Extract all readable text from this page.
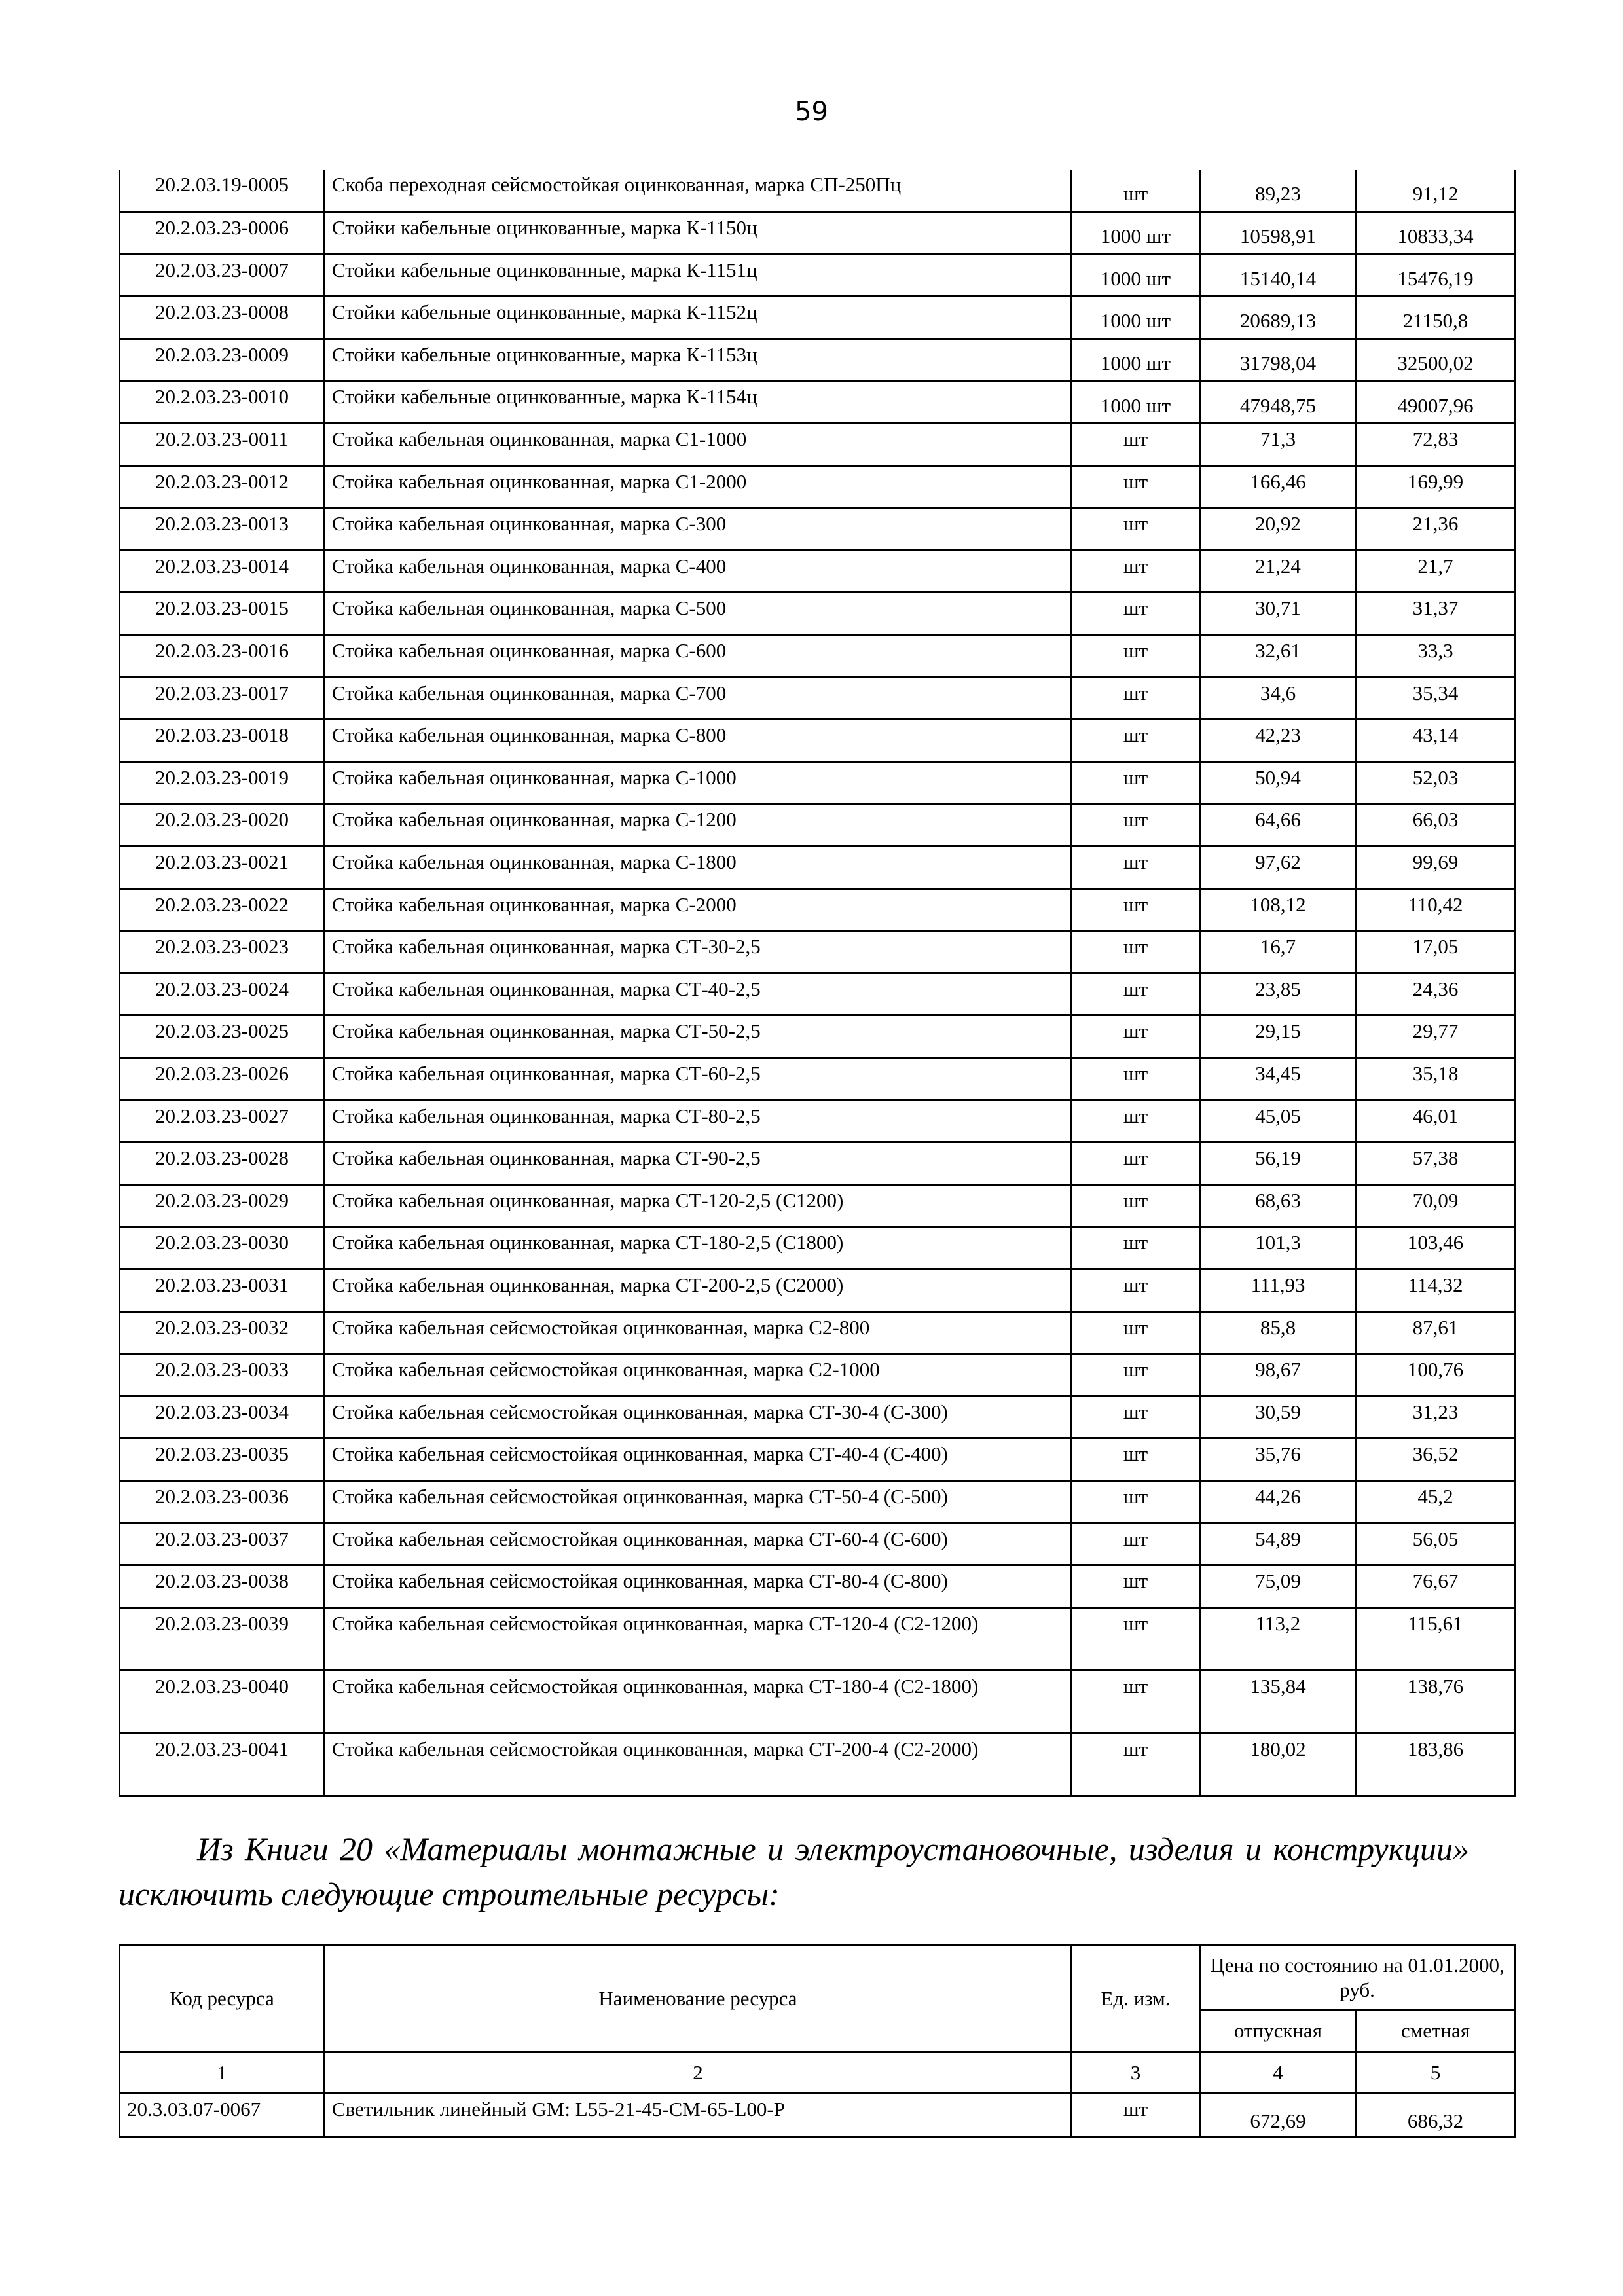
59
20.2.03.19-0005	Скоба переходная сейсмостойкая оцинкованная, марка СП-250Пц	шт	89,23	91,12
20.2.03.23-0006	Стойки кабельные оцинкованные, марка К-1150ц	1000 шт	10598,91	10833,34
20.2.03.23-0007	Стойки кабельные оцинкованные, марка К-1151ц	1000 шт	15140,14	15476,19
20.2.03.23-0008	Стойки кабельные оцинкованные, марка К-1152ц	1000 шт	20689,13	21150,8
20.2.03.23-0009	Стойки кабельные оцинкованные, марка К-1153ц	1000 шт	31798,04	32500,02
20.2.03.23-0010	Стойки кабельные оцинкованные, марка К-1154ц	1000 шт	47948,75	49007,96
20.2.03.23-0011	Стойка кабельная оцинкованная, марка С1-1000	шт	71,3	72,83
20.2.03.23-0012	Стойка кабельная оцинкованная, марка С1-2000	шт	166,46	169,99
20.2.03.23-0013	Стойка кабельная оцинкованная, марка С-300	шт	20,92	21,36
20.2.03.23-0014	Стойка кабельная оцинкованная, марка С-400	шт	21,24	21,7
20.2.03.23-0015	Стойка кабельная оцинкованная, марка С-500	шт	30,71	31,37
20.2.03.23-0016	Стойка кабельная оцинкованная, марка С-600	шт	32,61	33,3
20.2.03.23-0017	Стойка кабельная оцинкованная, марка С-700	шт	34,6	35,34
20.2.03.23-0018	Стойка кабельная оцинкованная, марка С-800	шт	42,23	43,14
20.2.03.23-0019	Стойка кабельная оцинкованная, марка С-1000	шт	50,94	52,03
20.2.03.23-0020	Стойка кабельная оцинкованная, марка С-1200	шт	64,66	66,03
20.2.03.23-0021	Стойка кабельная оцинкованная, марка С-1800	шт	97,62	99,69
20.2.03.23-0022	Стойка кабельная оцинкованная, марка С-2000	шт	108,12	110,42
20.2.03.23-0023	Стойка кабельная оцинкованная, марка СТ-30-2,5	шт	16,7	17,05
20.2.03.23-0024	Стойка кабельная оцинкованная, марка СТ-40-2,5	шт	23,85	24,36
20.2.03.23-0025	Стойка кабельная оцинкованная, марка СТ-50-2,5	шт	29,15	29,77
20.2.03.23-0026	Стойка кабельная оцинкованная, марка СТ-60-2,5	шт	34,45	35,18
20.2.03.23-0027	Стойка кабельная оцинкованная, марка СТ-80-2,5	шт	45,05	46,01
20.2.03.23-0028	Стойка кабельная оцинкованная, марка СТ-90-2,5	шт	56,19	57,38
20.2.03.23-0029	Стойка кабельная оцинкованная, марка СТ-120-2,5 (С1200)	шт	68,63	70,09
20.2.03.23-0030	Стойка кабельная оцинкованная, марка СТ-180-2,5 (С1800)	шт	101,3	103,46
20.2.03.23-0031	Стойка кабельная оцинкованная, марка СТ-200-2,5 (С2000)	шт	111,93	114,32
20.2.03.23-0032	Стойка кабельная сейсмостойкая оцинкованная, марка С2-800	шт	85,8	87,61
20.2.03.23-0033	Стойка кабельная сейсмостойкая оцинкованная, марка С2-1000	шт	98,67	100,76
20.2.03.23-0034	Стойка кабельная сейсмостойкая оцинкованная, марка СТ-30-4 (С-300)	шт	30,59	31,23
20.2.03.23-0035	Стойка кабельная сейсмостойкая оцинкованная, марка СТ-40-4 (С-400)	шт	35,76	36,52
20.2.03.23-0036	Стойка кабельная сейсмостойкая оцинкованная, марка СТ-50-4 (С-500)	шт	44,26	45,2
20.2.03.23-0037	Стойка кабельная сейсмостойкая оцинкованная, марка СТ-60-4 (С-600)	шт	54,89	56,05
20.2.03.23-0038	Стойка кабельная сейсмостойкая оцинкованная, марка СТ-80-4 (С-800)	шт	75,09	76,67
20.2.03.23-0039	Стойка кабельная сейсмостойкая оцинкованная, марка СТ-120-4 (С2-1200)	шт	113,2	115,61
20.2.03.23-0040	Стойка кабельная сейсмостойкая оцинкованная, марка СТ-180-4 (С2-1800)	шт	135,84	138,76
20.2.03.23-0041	Стойка кабельная сейсмостойкая оцинкованная, марка СТ-200-4 (С2-2000)	шт	180,02	183,86
Из Книги 20 «Материалы монтажные и электроустановочные, изделия и конструкции» исключить следующие строительные ресурсы:
Код ресурса	Наименование ресурса	Ед. изм.	Цена по состоянию на 01.01.2000, руб.	
			отпускная	сметная
1	2	3	4	5
20.3.03.07-0067	Светильник линейный GM: L55-21-45-CM-65-L00-P	шт	672,69	686,32
